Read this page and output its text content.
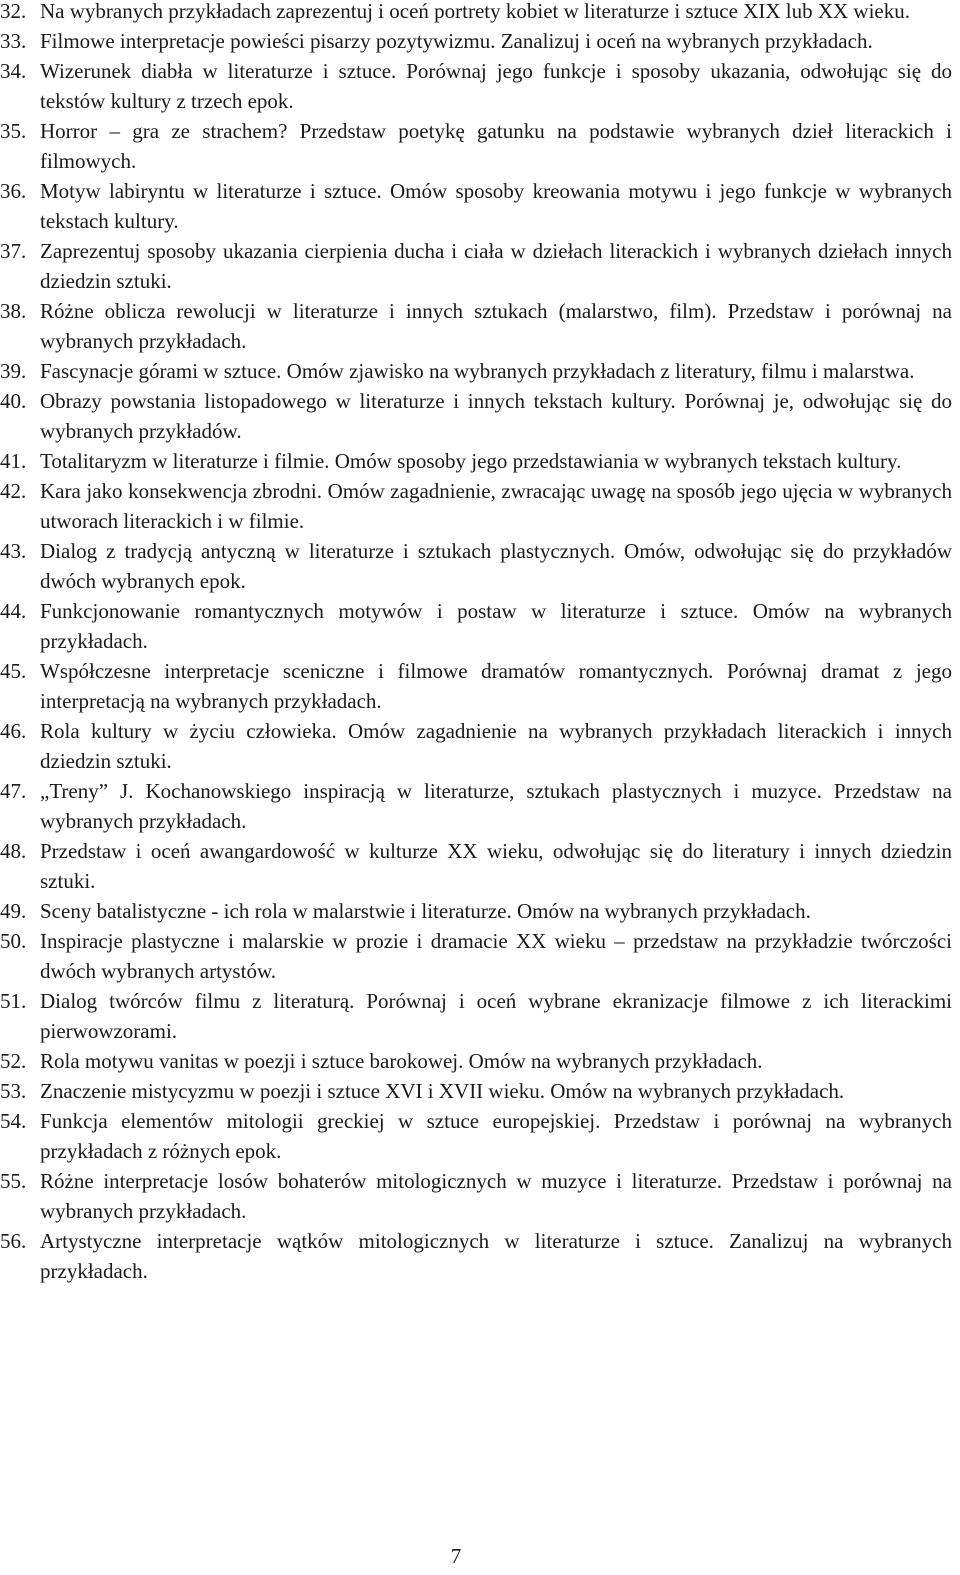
32. Na wybranych przykładach zaprezentuj i oceń portrety kobiet w literaturze i sztuce XIX lub XX wieku.
33. Filmowe interpretacje powieści pisarzy pozytywizmu. Zanalizuj i oceń na wybranych przykładach.
34. Wizerunek diabła w literaturze i sztuce. Porównaj jego funkcje i sposoby ukazania, odwołując się do tekstów kultury z trzech epok.
35. Horror – gra ze strachem? Przedstaw poetykę gatunku na podstawie wybranych dzieł literackich i filmowych.
36. Motyw labiryntu w literaturze i sztuce. Omów sposoby kreowania motywu i jego funkcje w wybranych tekstach kultury.
37. Zaprezentuj sposoby ukazania cierpienia ducha i ciała w dziełach literackich i wybranych dziełach innych dziedzin sztuki.
38. Różne oblicza rewolucji w literaturze i innych sztukach (malarstwo, film). Przedstaw i porównaj na wybranych przykładach.
39. Fascynacje górami w sztuce. Omów zjawisko na wybranych przykładach z literatury, filmu i malarstwa.
40. Obrazy powstania listopadowego w literaturze i innych tekstach kultury. Porównaj je, odwołując się do wybranych przykładów.
41. Totalitaryzm w literaturze i filmie. Omów sposoby jego przedstawiania w wybranych tekstach kultury.
42. Kara jako konsekwencja zbrodni. Omów zagadnienie, zwracając uwagę na sposób jego ujęcia w wybranych utworach literackich i w filmie.
43. Dialog z tradycją antyczną w literaturze i sztukach plastycznych. Omów, odwołując się do przykładów dwóch wybranych epok.
44. Funkcjonowanie romantycznych motywów i postaw w literaturze i sztuce. Omów na wybranych przykładach.
45. Współczesne interpretacje sceniczne i filmowe dramatów romantycznych. Porównaj dramat z jego interpretacją na wybranych przykładach.
46. Rola kultury w życiu człowieka. Omów zagadnienie na wybranych przykładach literackich i innych dziedzin sztuki.
47. „Treny” J. Kochanowskiego inspiracją w literaturze, sztukach plastycznych i muzyce. Przedstaw na wybranych przykładach.
48. Przedstaw i oceń awangardowość w kulturze XX wieku, odwołując się do literatury i innych dziedzin sztuki.
49. Sceny batalistyczne - ich rola w malarstwie i literaturze. Omów na wybranych przykładach.
50. Inspiracje plastyczne i malarskie w prozie i dramacie XX wieku – przedstaw na przykładzie twórczości dwóch wybranych artystów.
51. Dialog twórców filmu z literaturą. Porównaj i oceń wybrane ekranizacje filmowe z ich literackimi pierwowzorami.
52. Rola motywu vanitas w poezji i sztuce barokowej. Omów na wybranych przykładach.
53. Znaczenie mistycyzmu w poezji i sztuce XVI i XVII wieku. Omów na wybranych przykładach.
54. Funkcja elementów mitologii greckiej w sztuce europejskiej. Przedstaw i porównaj na wybranych przykładach z różnych epok.
55. Różne interpretacje losów bohaterów mitologicznych w muzyce i literaturze. Przedstaw i porównaj na wybranych przykładach.
56. Artystyczne interpretacje wątków mitologicznych w literaturze i sztuce. Zanalizuj na wybranych przykładach.
7
